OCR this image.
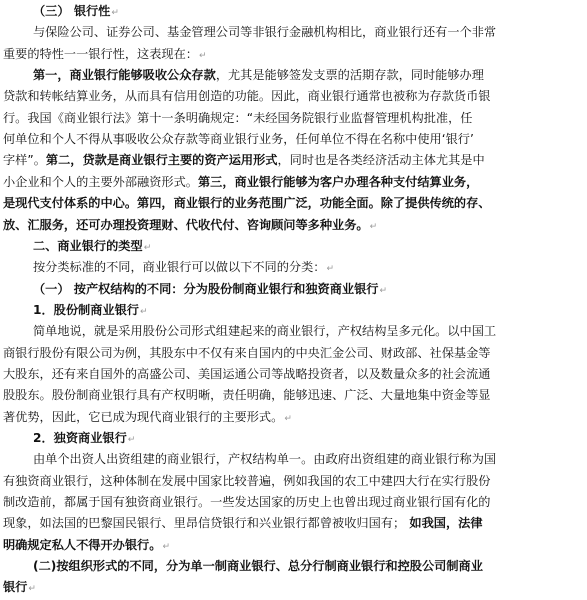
（三） 银行性↵
与保险公司、证券公司、基金管理公司等非银行金融机构相比，商业银行还有一个非常
重要的特性一一银行性，这表现在：↵
第一，商业银行能够吸收公众存款，尤其是能够签发支票的活期存款，同时能够办理
贷款和转帐结算业务，从而具有信用创造的功能。因此，商业银行通常也被称为存款货币银
行。我国《商业银行法》第十一条明确规定：“未经国务院银行业监督管理机构批准，任
何单位和个人不得从事吸收公众存款等商业银行业务，任何单位不得在名称中使用‘银行’
字样”。第二，贷款是商业银行主要的资产运用形式，同时也是各类经济活动主体尤其是中
小企业和个人的主要外部融资形式。第三，商业银行能够为客户办理各种支付结算业务，
是现代支付体系的中心。第四，商业银行的业务范围广泛，功能全面。除了提供传统的存、
放、汇服务，还可办理投资理财、代收代付、咨询顾问等多种业务。↵
二、商业银行的类型↵
按分类标准的不同，商业银行可以做以下不同的分类：↵
（一） 按产权结构的不同：分为股份制商业银行和独资商业银行↵
1．股份制商业银行↵
简单地说，就是采用股份公司形式组建起来的商业银行，产权结构呈多元化。以中国工
商银行股份有限公司为例，其股东中不仅有来自国内的中央汇金公司、财政部、社保基金等
大股东，还有来自国外的高盛公司、美国运通公司等战略投资者，以及数量众多的社会流通
股股东。股份制商业银行具有产权明晰，责任明确，能够迅速、广泛、大量地集中资金等显
著优势，因此，它已成为现代商业银行的主要形式。↵
2．独资商业银行↵
由单个出资人出资组建的商业银行，产权结构单一。由政府出资组建的商业银行称为国
有独资商业银行，这种体制在发展中国家比较普遍，例如我国的农工中建四大行在实行股份
制改造前，都属于国有独资商业银行。一些发达国家的历史上也曾出现过商业银行国有化的
现象，如法国的巴黎国民银行、里昂信贷银行和兴业银行都曾被收归国有； 如我国，法律
明确规定私人不得开办银行。↵
(二)按组织形式的不同，分为单一制商业银行、总分行制商业银行和控股公司制商业
银行↵
